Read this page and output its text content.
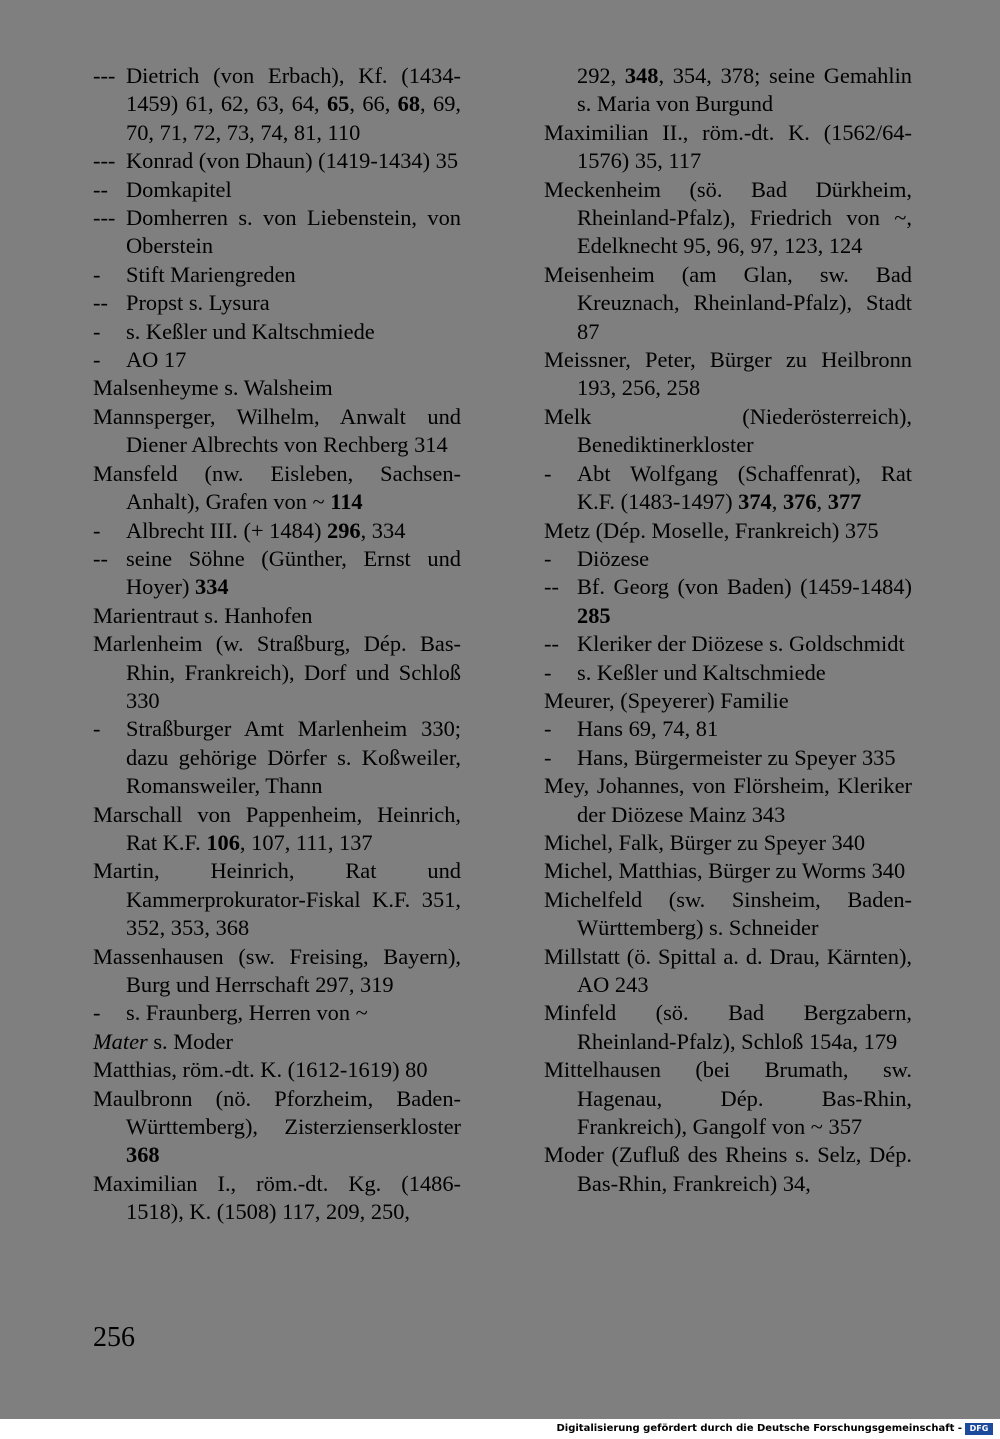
--- Dietrich (von Erbach), Kf. (1434-1459) 61, 62, 63, 64, 65, 66, 68, 69, 70, 71, 72, 73, 74, 81, 110
--- Konrad (von Dhaun) (1419-1434) 35
-- Domkapitel
--- Domherren s. von Liebenstein, von Oberstein
- Stift Mariengreden
-- Propst s. Lysura
- s. Keßler und Kaltschmiede
- AO 17
Malsenheyme s. Walsheim
Mannsperger, Wilhelm, Anwalt und Diener Albrechts von Rechberg 314
Mansfeld (nw. Eisleben, Sachsen-Anhalt), Grafen von ~ 114
- Albrecht III. (+ 1484) 296, 334
-- seine Söhne (Günther, Ernst und Hoyer) 334
Marientraut s. Hanhofen
Marlenheim (w. Straßburg, Dép. Bas-Rhin, Frankreich), Dorf und Schloß 330
- Straßburger Amt Marlenheim 330; dazu gehörige Dörfer s. Koßweiler, Romansweiler, Thann
Marschall von Pappenheim, Heinrich, Rat K.F. 106, 107, 111, 137
Martin, Heinrich, Rat und Kammerprokurator-Fiskal K.F. 351, 352, 353, 368
Massenhausen (sw. Freising, Bayern), Burg und Herrschaft 297, 319
- s. Fraunberg, Herren von ~
Mater s. Moder
Matthias, röm.-dt. K. (1612-1619) 80
Maulbronn (nö. Pforzheim, Baden-Württemberg), Zisterzienserkloster 368
Maximilian I., röm.-dt. Kg. (1486-1518), K. (1508) 117, 209, 250,
292, 348, 354, 378; seine Gemahlin s. Maria von Burgund
Maximilian II., röm.-dt. K. (1562/64-1576) 35, 117
Meckenheim (sö. Bad Dürkheim, Rheinland-Pfalz), Friedrich von ~, Edelknecht 95, 96, 97, 123, 124
Meisenheim (am Glan, sw. Bad Kreuznach, Rheinland-Pfalz), Stadt 87
Meissner, Peter, Bürger zu Heilbronn 193, 256, 258
Melk (Niederösterreich), Benediktinerkloster
- Abt Wolfgang (Schaffenrat), Rat K.F. (1483-1497) 374, 376, 377
Metz (Dép. Moselle, Frankreich) 375
- Diözese
-- Bf. Georg (von Baden) (1459-1484) 285
-- Kleriker der Diözese s. Goldschmidt
- s. Keßler und Kaltschmiede
Meurer, (Speyerer) Familie
- Hans 69, 74, 81
- Hans, Bürgermeister zu Speyer 335
Mey, Johannes, von Flörsheim, Kleriker der Diözese Mainz 343
Michel, Falk, Bürger zu Speyer 340
Michel, Matthias, Bürger zu Worms 340
Michelfeld (sw. Sinsheim, Baden-Württemberg) s. Schneider
Millstatt (ö. Spittal a. d. Drau, Kärnten), AO 243
Minfeld (sö. Bad Bergzabern, Rheinland-Pfalz), Schloß 154a, 179
Mittelhausen (bei Brumath, sw. Hagenau, Dép. Bas-Rhin, Frankreich), Gangolf von ~ 357
Moder (Zufluß des Rheins s. Selz, Dép. Bas-Rhin, Frankreich) 34,
256
Digitalisierung gefördert durch die Deutsche Forschungsgemeinschaft - DFG
